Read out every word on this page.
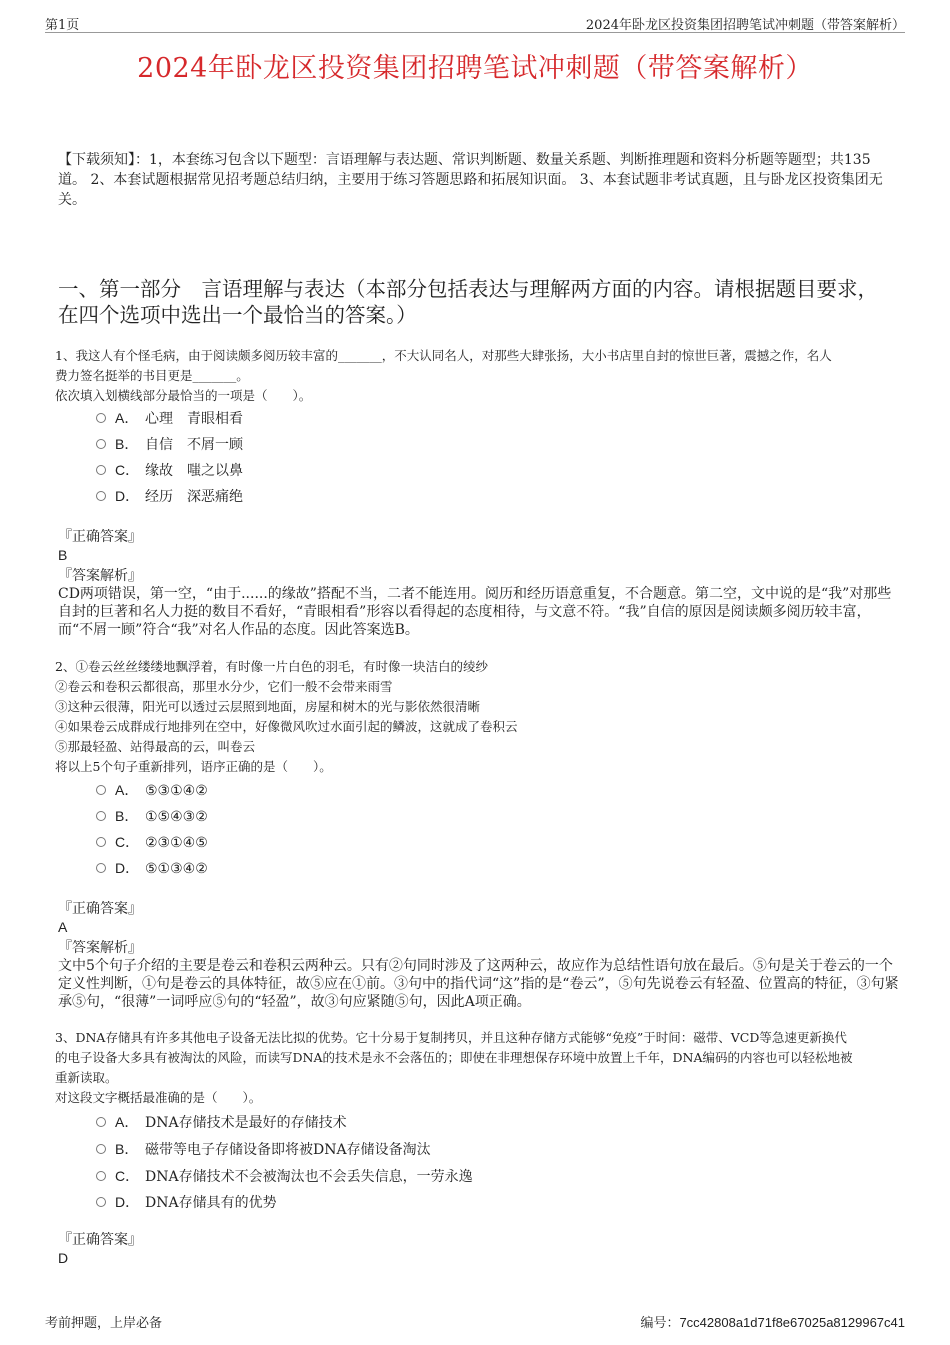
第1页	2024年卧龙区投资集团招聘笔试冲刺题（带答案解析）
2024年卧龙区投资集团招聘笔试冲刺题（带答案解析）
【下载须知】：1，本套练习包含以下题型：言语理解与表达题、常识判断题、数量关系题、判断推理题和资料分析题等题型；共135道。 2、本套试题根据常见招考题总结归纳，主要用于练习答题思路和拓展知识面。 3、本套试题非考试真题，且与卧龙区投资集团无关。
一、第一部分　言语理解与表达（本部分包括表达与理解两方面的内容。请根据题目要求，在四个选项中选出一个最恰当的答案。）
1、我这人有个怪毛病，由于阅读颇多阅历较丰富的_______，不大认同名人，对那些大肆张扬，大小书店里自封的惊世巨著，震撼之作，名人
费力签名挺举的书目更是_______。
依次填入划横线部分最恰当的一项是（　　）。
A． 心理　青眼相看
B． 自信　不屑一顾
C． 缘故　嗤之以鼻
D． 经历　深恶痛绝
『正确答案』
B
『答案解析』
CD两项错误，第一空，“由于......的缘故”搭配不当，二者不能连用。阅历和经历语意重复，不合题意。第二空，文中说的是“我”对那些自封的巨著和名人力挺的数目不看好，“青眼相看”形容以看得起的态度相待，与文意不符。“我”自信的原因是阅读颇多阅历较丰富，而“不屑一顾”符合“我”对名人作品的态度。因此答案选B。
2、①卷云丝丝缕缕地飘浮着，有时像一片白色的羽毛，有时像一块洁白的绫纱
②卷云和卷积云都很高，那里水分少，它们一般不会带来雨雪
③这种云很薄，阳光可以透过云层照到地面，房屋和树木的光与影依然很清晰
④如果卷云成群成行地排列在空中，好像微风吹过水面引起的鳞波，这就成了卷积云
⑤那最轻盈、站得最高的云，叫卷云
将以上5个句子重新排列，语序正确的是（　　）。
A． ⑤③①④②
B． ①⑤④③②
C． ②③①④⑤
D． ⑤①③④②
『正确答案』
A
『答案解析』
文中5个句子介绍的主要是卷云和卷积云两种云。只有②句同时涉及了这两种云，故应作为总结性语句放在最后。⑤句是关于卷云的一个定义性判断，①句是卷云的具体特征，故⑤应在①前。③句中的指代词“这”指的是“卷云”，⑤句先说卷云有轻盈、位置高的特征，③句紧承⑤句，“很薄”一词呼应⑤句的“轻盈”，故③句应紧随⑤句，因此A项正确。
3、DNA存储具有许多其他电子设备无法比拟的优势。它十分易于复制拷贝，并且这种存储方式能够“免疫”于时间：磁带、VCD等急速更新换代
的电子设备大多具有被淘汰的风险，而读写DNA的技术是永不会落伍的；即使在非理想保存环境中放置上千年，DNA编码的内容也可以轻松地被
重新读取。
对这段文字概括最准确的是（　　）。
A． DNA存储技术是最好的存储技术
B． 磁带等电子存储设备即将被DNA存储设备淘汰
C． DNA存储技术不会被淘汰也不会丢失信息，一劳永逸
D． DNA存储具有的优势
『正确答案』
D
考前押题，上岸必备	编号：7cc42808a1d71f8e67025a8129967c41
